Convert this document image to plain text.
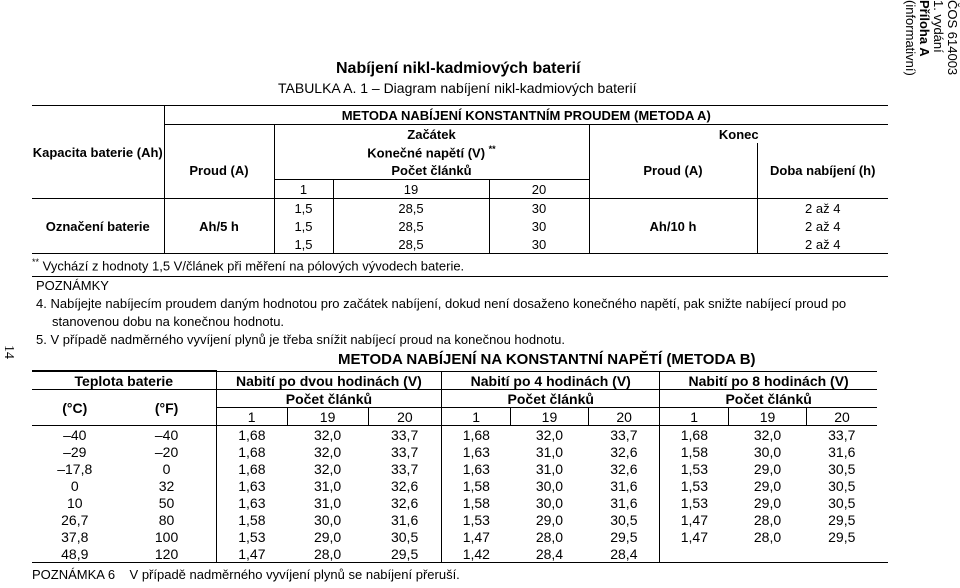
ČOS 614003
1. vydání
Příloha A
(informativní)
14
Nabíjení nikl-kadmiových baterií
TABULKA A. 1 – Diagram nabíjení nikl-kadmiových baterií
	METODA NABÍJENÍ KONSTANTNÍM PROUDEM (METODA A)					
Kapacita baterie (Ah)		Začátek			Konec	
		Konečné napětí (V) **		
	Proud (A)	Počet článků			Proud (A)	Doba nabíjení (h)
		1	19	20		
		1,5	28,5	30		2 až 4
Označení baterie	Ah/5 h	1,5	28,5	30	Ah/10 h	2 až 4
		1,5	28,5	30		2 až 4
** Vychází z hodnoty 1,5 V/článek při měření na pólových vývodech baterie.						
POZNÁMKY
4. Nabíjejte nabíjecím proudem daným hodnotou pro začátek nabíjení, dokud není dosaženo konečného napětí, pak snižte nabíjecí proud po
stanovenou dobu na konečnou hodnotu.
5. V případě nadměrného vyvíjení plynů je třeba snížit nabíjecí proud na konečnou hodnotu.

		METODA NABÍJENÍ NA KONSTANTNÍ NAPĚTÍ (METODA B)								

Teplota baterie		Nabití po dvou hodinách (V)			Nabití po 4 hodinách (V)			Nabití po 8 hodinách (V)		
(°C)	(°F)	Počet článků			Počet článků			Počet článků		
		1	19	20	1	19	20	1	19	20
–40	–40	1,68	32,0	33,7	1,68	32,0	33,7	1,68	32,0	33,7
–29	–20	1,68	32,0	33,7	1,63	31,0	32,6	1,58	30,0	31,6
–17,8	0	1,68	32,0	33,7	1,63	31,0	32,6	1,53	29,0	30,5
0	32	1,63	31,0	32,6	1,58	30,0	31,6	1,53	29,0	30,5
10	50	1,63	31,0	32,6	1,58	30,0	31,6	1,53	29,0	30,5
26,7	80	1,58	30,0	31,6	1,53	29,0	30,5	1,47	28,0	29,5
37,8	100	1,53	29,0	30,5	1,47	28,0	29,5	1,47	28,0	29,5
48,9	120	1,47	28,0	29,5	1,42	28,4	28,4			
POZNÁMKA 6 V případě nadměrného vyvíjení plynů se nabíjení přeruší.
